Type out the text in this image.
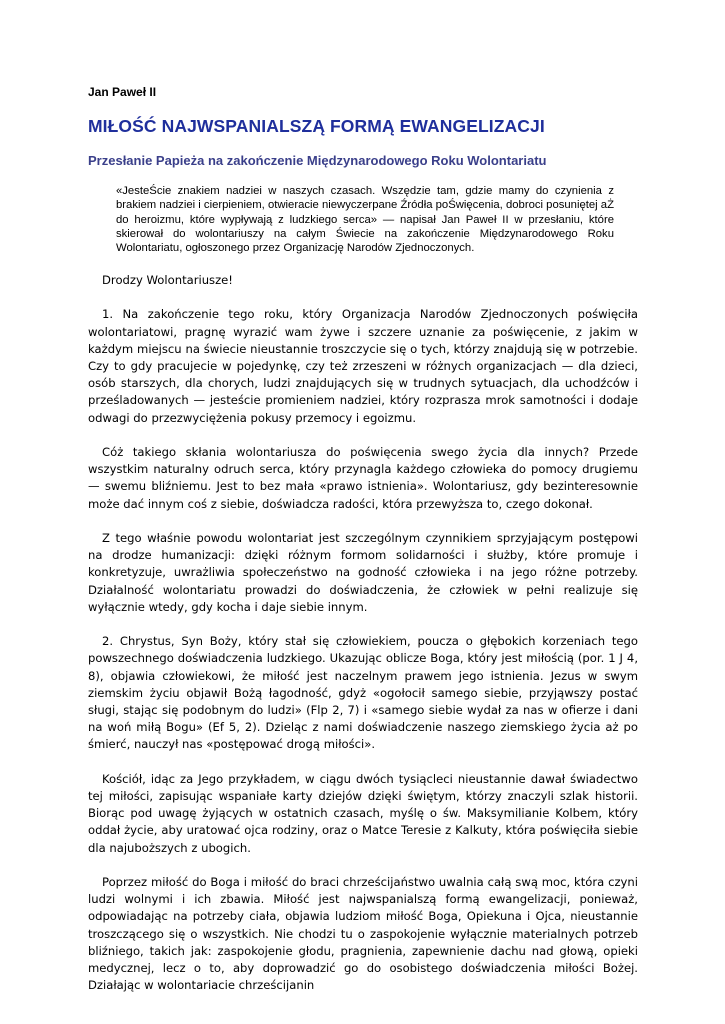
Jan Paweł II
MIŁOŚĆ NAJWSPANIALSZĄ FORMĄ EWANGELIZACJI
Przesłanie Papieża na zakończenie Międzynarodowego Roku Wolontariatu

«JesteŚcie znakiem nadziei w naszych czasach. Wszędzie tam, gdzie mamy do czynienia z brakiem nadziei i cierpieniem, otwieracie niewyczerpane Źródła poŚwięcenia, dobroci posuniętej aŻ do heroizmu, które wypływają z ludzkiego serca» — napisał Jan Paweł II w przesłaniu, które skierował do wolontariuszy na całym Świecie na zakończenie Międzynarodowego Roku Wolontariatu, ogłoszonego przez Organizację Narodów Zjednoczonych.

Drodzy Wolontariusze!

1. Na zakończenie tego roku, który Organizacja Narodów Zjednoczonych poświęciła wolontariatowi, pragnę wyrazić wam żywe i szczere uznanie za poświęcenie, z jakim w każdym miejscu na świecie nieustannie troszczycie się o tych, którzy znajdują się w potrzebie. Czy to gdy pracujecie w pojedynkę, czy też zrzeszeni w różnych organizacjach — dla dzieci, osób starszych, dla chorych, ludzi znajdujących się w trudnych sytuacjach, dla uchodźców i prześladowanych — jesteście promieniem nadziei, który rozprasza mrok samotności i dodaje odwagi do przezwyciężenia pokusy przemocy i egoizmu.

Cóż takiego skłania wolontariusza do poświęcenia swego życia dla innych? Przede wszystkim naturalny odruch serca, który przynagla każdego człowieka do pomocy drugiemu — swemu bliźniemu. Jest to bez mała «prawo istnienia». Wolontariusz, gdy bezinteresownie może dać innym coś z siebie, doświadcza radości, która przewyższa to, czego dokonał.

Z tego właśnie powodu wolontariat jest szczególnym czynnikiem sprzyjającym postępowi na drodze humanizacji: dzięki różnym formom solidarności i służby, które promuje i konkretyzuje, uwrażliwia społeczeństwo na godność człowieka i na jego różne potrzeby. Działalność wolontariatu prowadzi do doświadczenia, że człowiek w pełni realizuje się wyłącznie wtedy, gdy kocha i daje siebie innym.

2. Chrystus, Syn Boży, który stał się człowiekiem, poucza o głębokich korzeniach tego powszechnego doświadczenia ludzkiego. Ukazując oblicze Boga, który jest miłością (por. 1 J 4, 8), objawia człowiekowi, że miłość jest naczelnym prawem jego istnienia. Jezus w swym ziemskim życiu objawił Bożą łagodność, gdyż «ogołocił samego siebie, przyjąwszy postać sługi, stając się podobnym do ludzi» (Flp 2, 7) i «samego siebie wydał za nas w ofierze i dani na woń miłą Bogu» (Ef 5, 2). Dzieląc z nami doświadczenie naszego ziemskiego życia aż po śmierć, nauczył nas «postępować drogą miłości».

Kościół, idąc za Jego przykładem, w ciągu dwóch tysiącleci nieustannie dawał świadectwo tej miłości, zapisując wspaniałe karty dziejów dzięki świętym, którzy znaczyli szlak historii. Biorąc pod uwagę żyjących w ostatnich czasach, myślę o św. Maksymilianie Kolbem, który oddał życie, aby uratować ojca rodziny, oraz o Matce Teresie z Kalkuty, która poświęciła siebie dla najuboższych z ubogich.

Poprzez miłość do Boga i miłość do braci chrześcijaństwo uwalnia całą swą moc, która czyni ludzi wolnymi i ich zbawia. Miłość jest najwspanialszą formą ewangelizacji, ponieważ, odpowiadając na potrzeby ciała, objawia ludziom miłość Boga, Opiekuna i Ojca, nieustannie troszczącego się o wszystkich. Nie chodzi tu o zaspokojenie wyłącznie materialnych potrzeb bliźniego, takich jak: zaspokojenie głodu, pragnienia, zapewnienie dachu nad głową, opieki medycznej, lecz o to, aby doprowadzić go do osobistego doświadczenia miłości Bożej. Działając w wolontariacie chrześcijanin
